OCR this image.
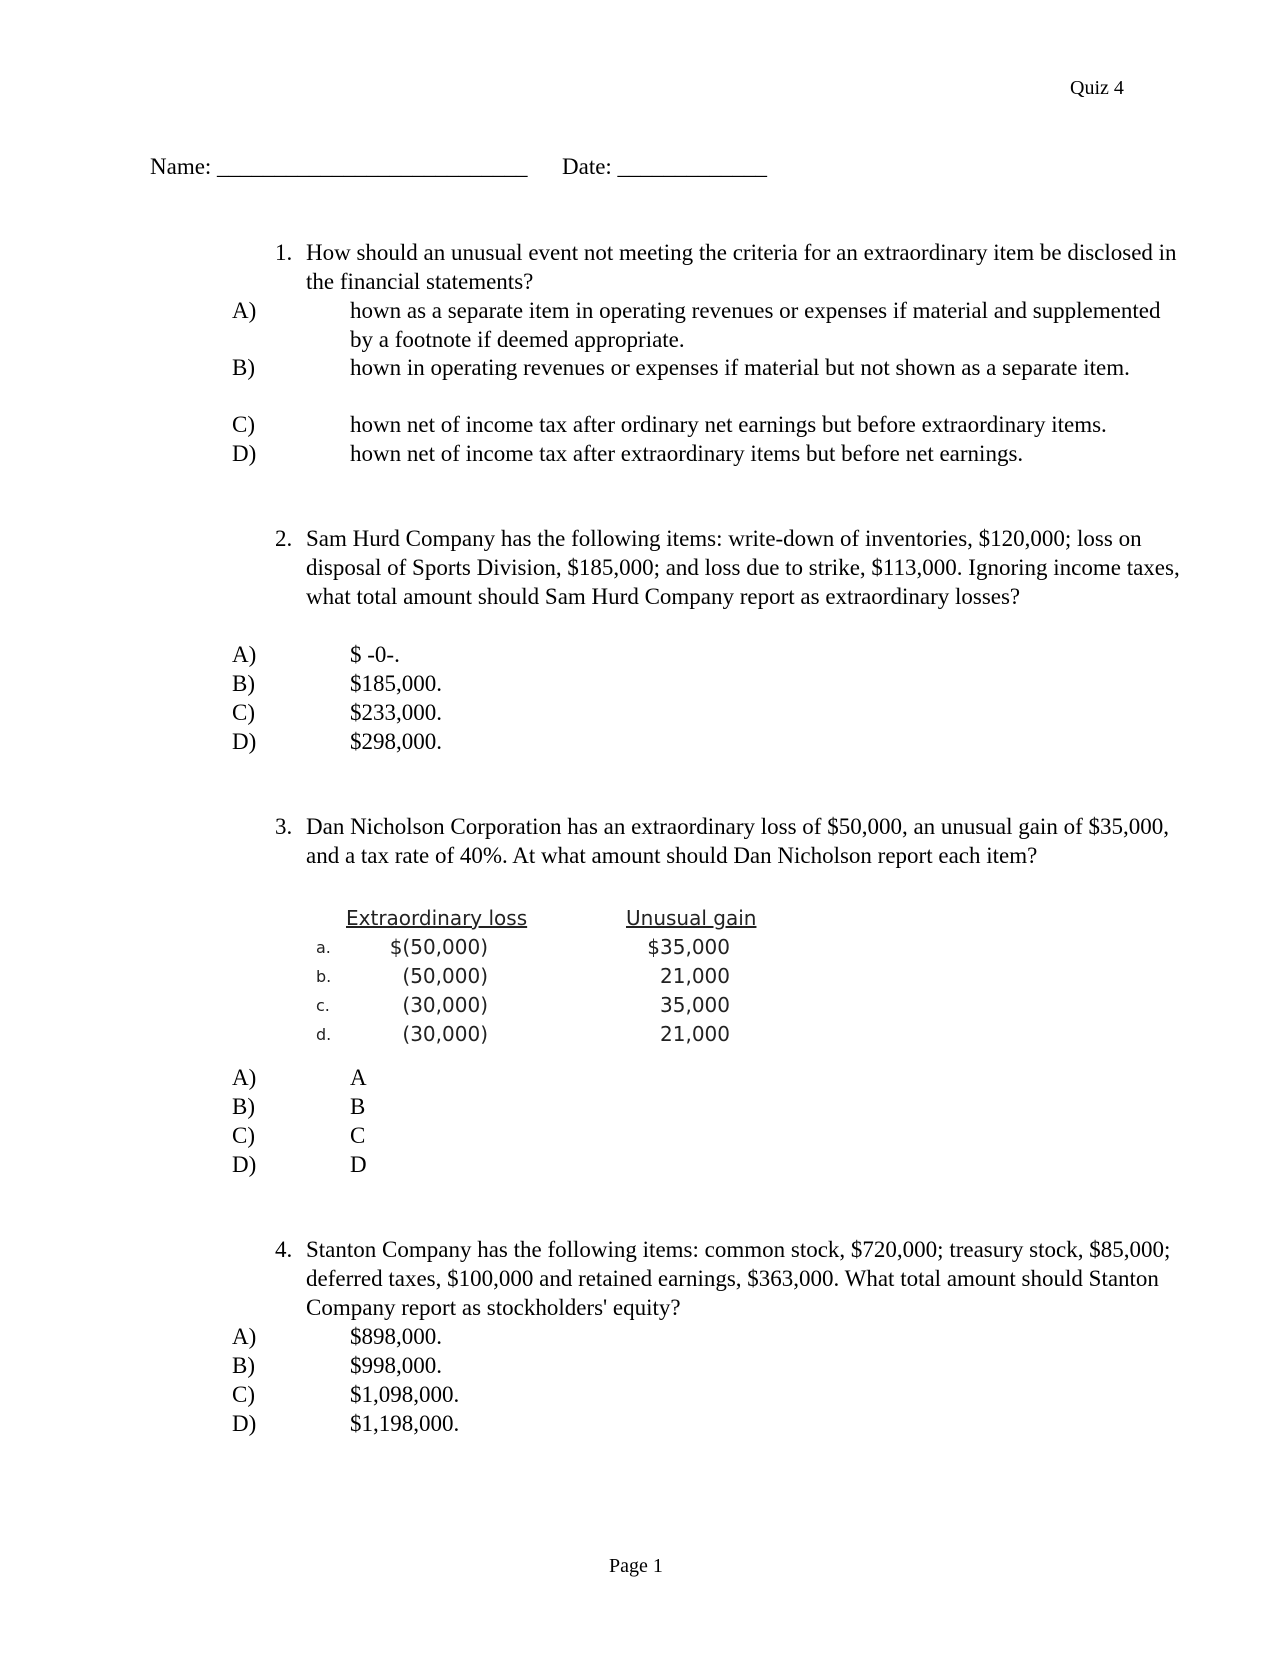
Quiz 4
Name: ___________________________ Date: _____________
1. How should an unusual event not meeting the criteria for an extraordinary item be disclosed in the financial statements?
A)	hown as a separate item in operating revenues or expenses if material and supplemented by a footnote if deemed appropriate.
B)	hown in operating revenues or expenses if material but not shown as a separate item.
C)	hown net of income tax after ordinary net earnings but before extraordinary items.
D)	hown net of income tax after extraordinary items but before net earnings.
2. Sam Hurd Company has the following items: write-down of inventories, $120,000; loss on disposal of Sports Division, $185,000; and loss due to strike, $113,000. Ignoring income taxes, what total amount should Sam Hurd Company report as extraordinary losses?
A)	$ -0-.
B)	$185,000.
C)	$233,000.
D)	$298,000.
3. Dan Nicholson Corporation has an extraordinary loss of $50,000, an unusual gain of $35,000, and a tax rate of 40%. At what amount should Dan Nicholson report each item?
Extraordinary loss	Unusual gain
a.	$(50,000)	$35,000
b.	(50,000)	21,000
c.	(30,000)	35,000
d.	(30,000)	21,000
A)	A
B)	B
C)	C
D)	D
4. Stanton Company has the following items: common stock, $720,000; treasury stock, $85,000; deferred taxes, $100,000 and retained earnings, $363,000. What total amount should Stanton Company report as stockholders' equity?
A)	$898,000.
B)	$998,000.
C)	$1,098,000.
D)	$1,198,000.
Page 1
